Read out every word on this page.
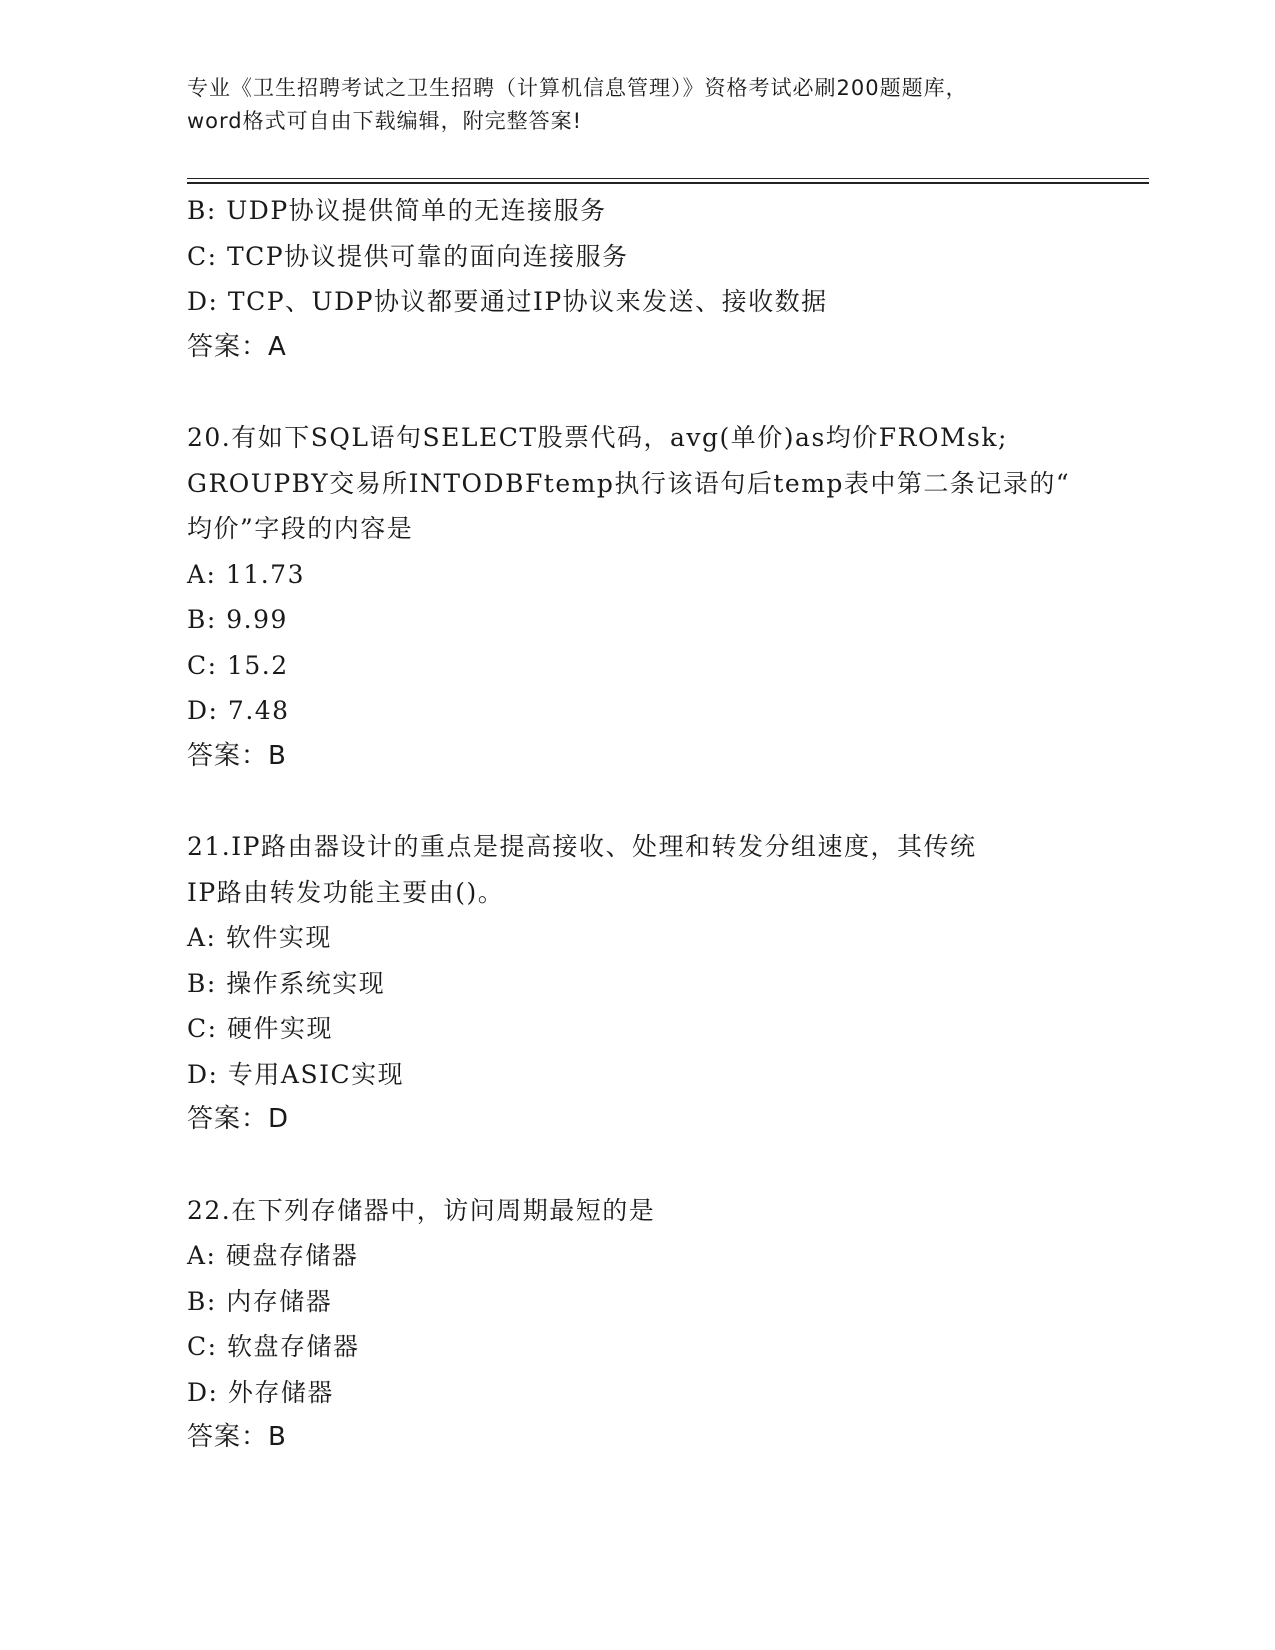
专业《卫生招聘考试之卫生招聘（计算机信息管理）》资格考试必刷200题题库，
word格式可自由下载编辑，附完整答案!
B: UDP协议提供简单的无连接服务
C: TCP协议提供可靠的面向连接服务
D: TCP、UDP协议都要通过IP协议来发送、接收数据
答案：A
20.有如下SQL语句SELECT股票代码，avg(单价)as均价FROMsk;
GROUPBY交易所INTODBFtemp执行该语句后temp表中第二条记录的“
均价”字段的内容是
A: 11.73
B: 9.99
C: 15.2
D: 7.48
答案：B
21.IP路由器设计的重点是提高接收、处理和转发分组速度，其传统
IP路由转发功能主要由()。
A: 软件实现
B: 操作系统实现
C: 硬件实现
D: 专用ASIC实现
答案：D
22.在下列存储器中，访问周期最短的是
A: 硬盘存储器
B: 内存储器
C: 软盘存储器
D: 外存储器
答案：B
